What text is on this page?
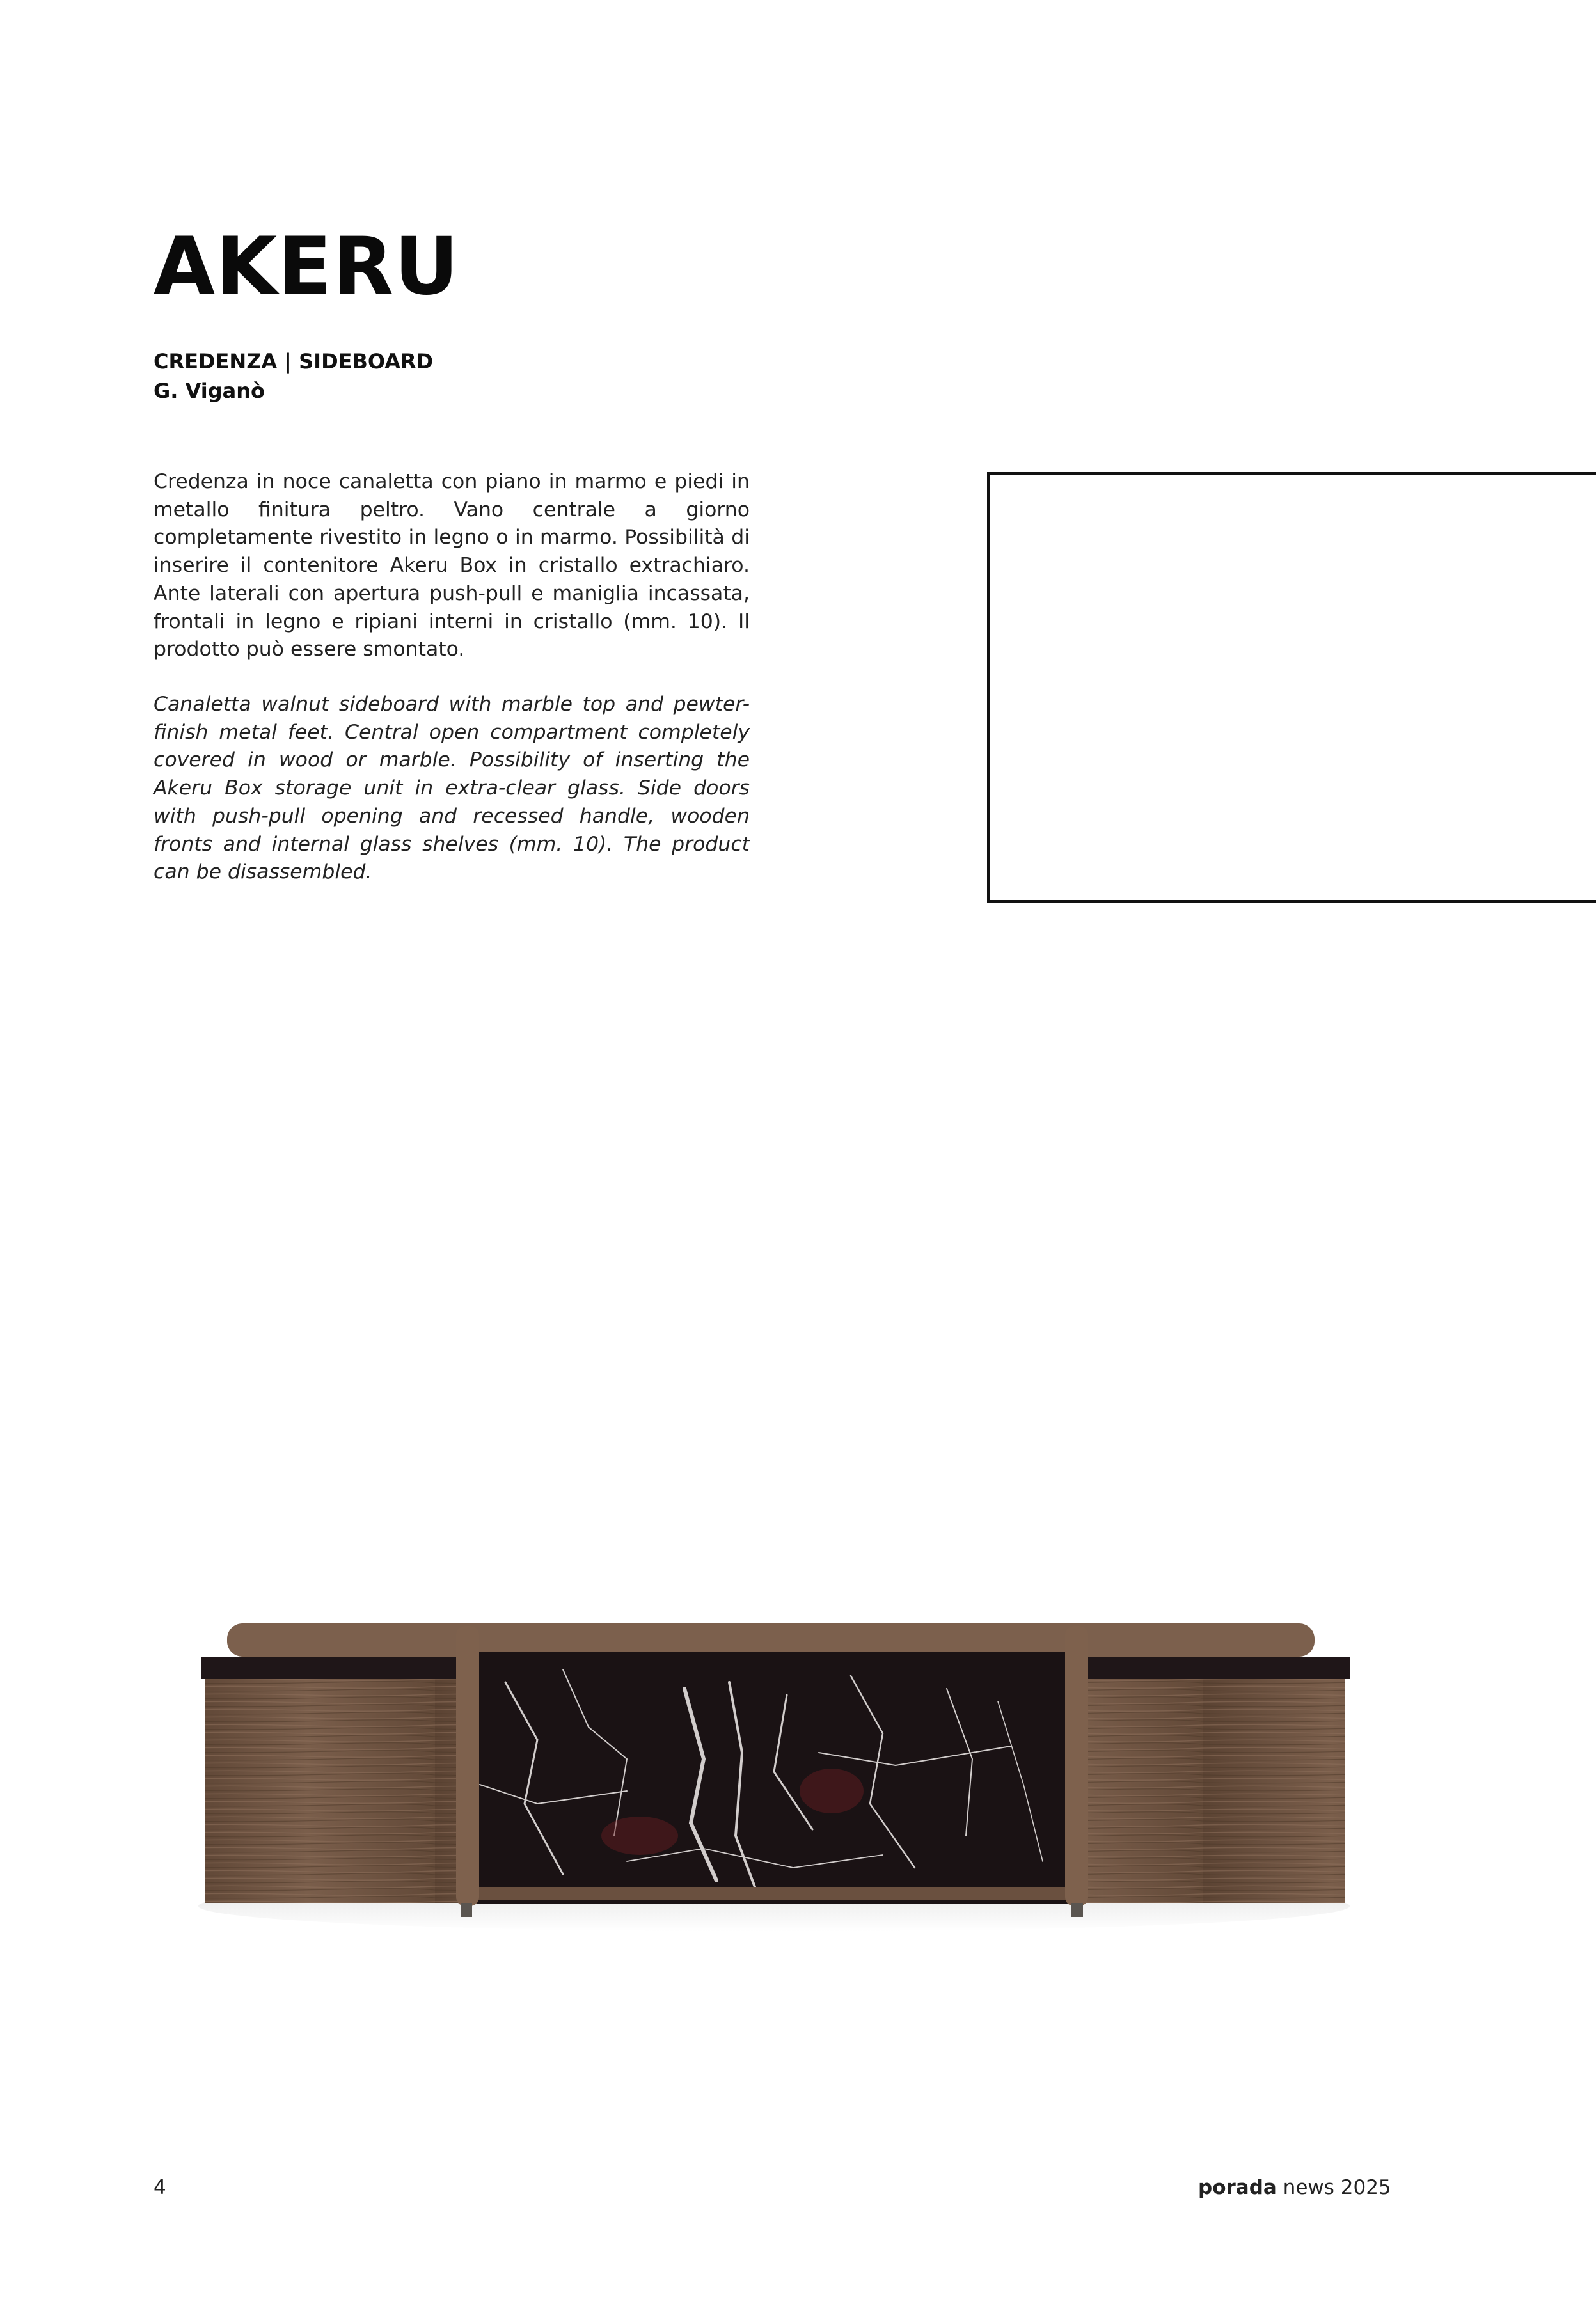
AKERU
CREDENZA | SIDEBOARD
G. Viganò

Credenza in noce canaletta con piano in marmo e piedi in metallo finitura peltro. Vano centrale a giorno completamente rivestito in legno o in marmo. Possibilità di inserire il contenitore Akeru Box in cristallo extrachiaro. Ante laterali con apertura push-pull e maniglia incassata, frontali in legno e ripiani interni in cristallo (mm. 10). Il prodotto può essere smontato.

Canaletta walnut sideboard with marble top and pewter-finish metal feet. Central open compartment completely covered in wood or marble. Possibility of inserting the Akeru Box storage unit in extra-clear glass. Side doors with push-pull opening and recessed handle, wooden fronts and internal glass shelves (mm. 10). The product can be disassembled.

4	porada news 2025
